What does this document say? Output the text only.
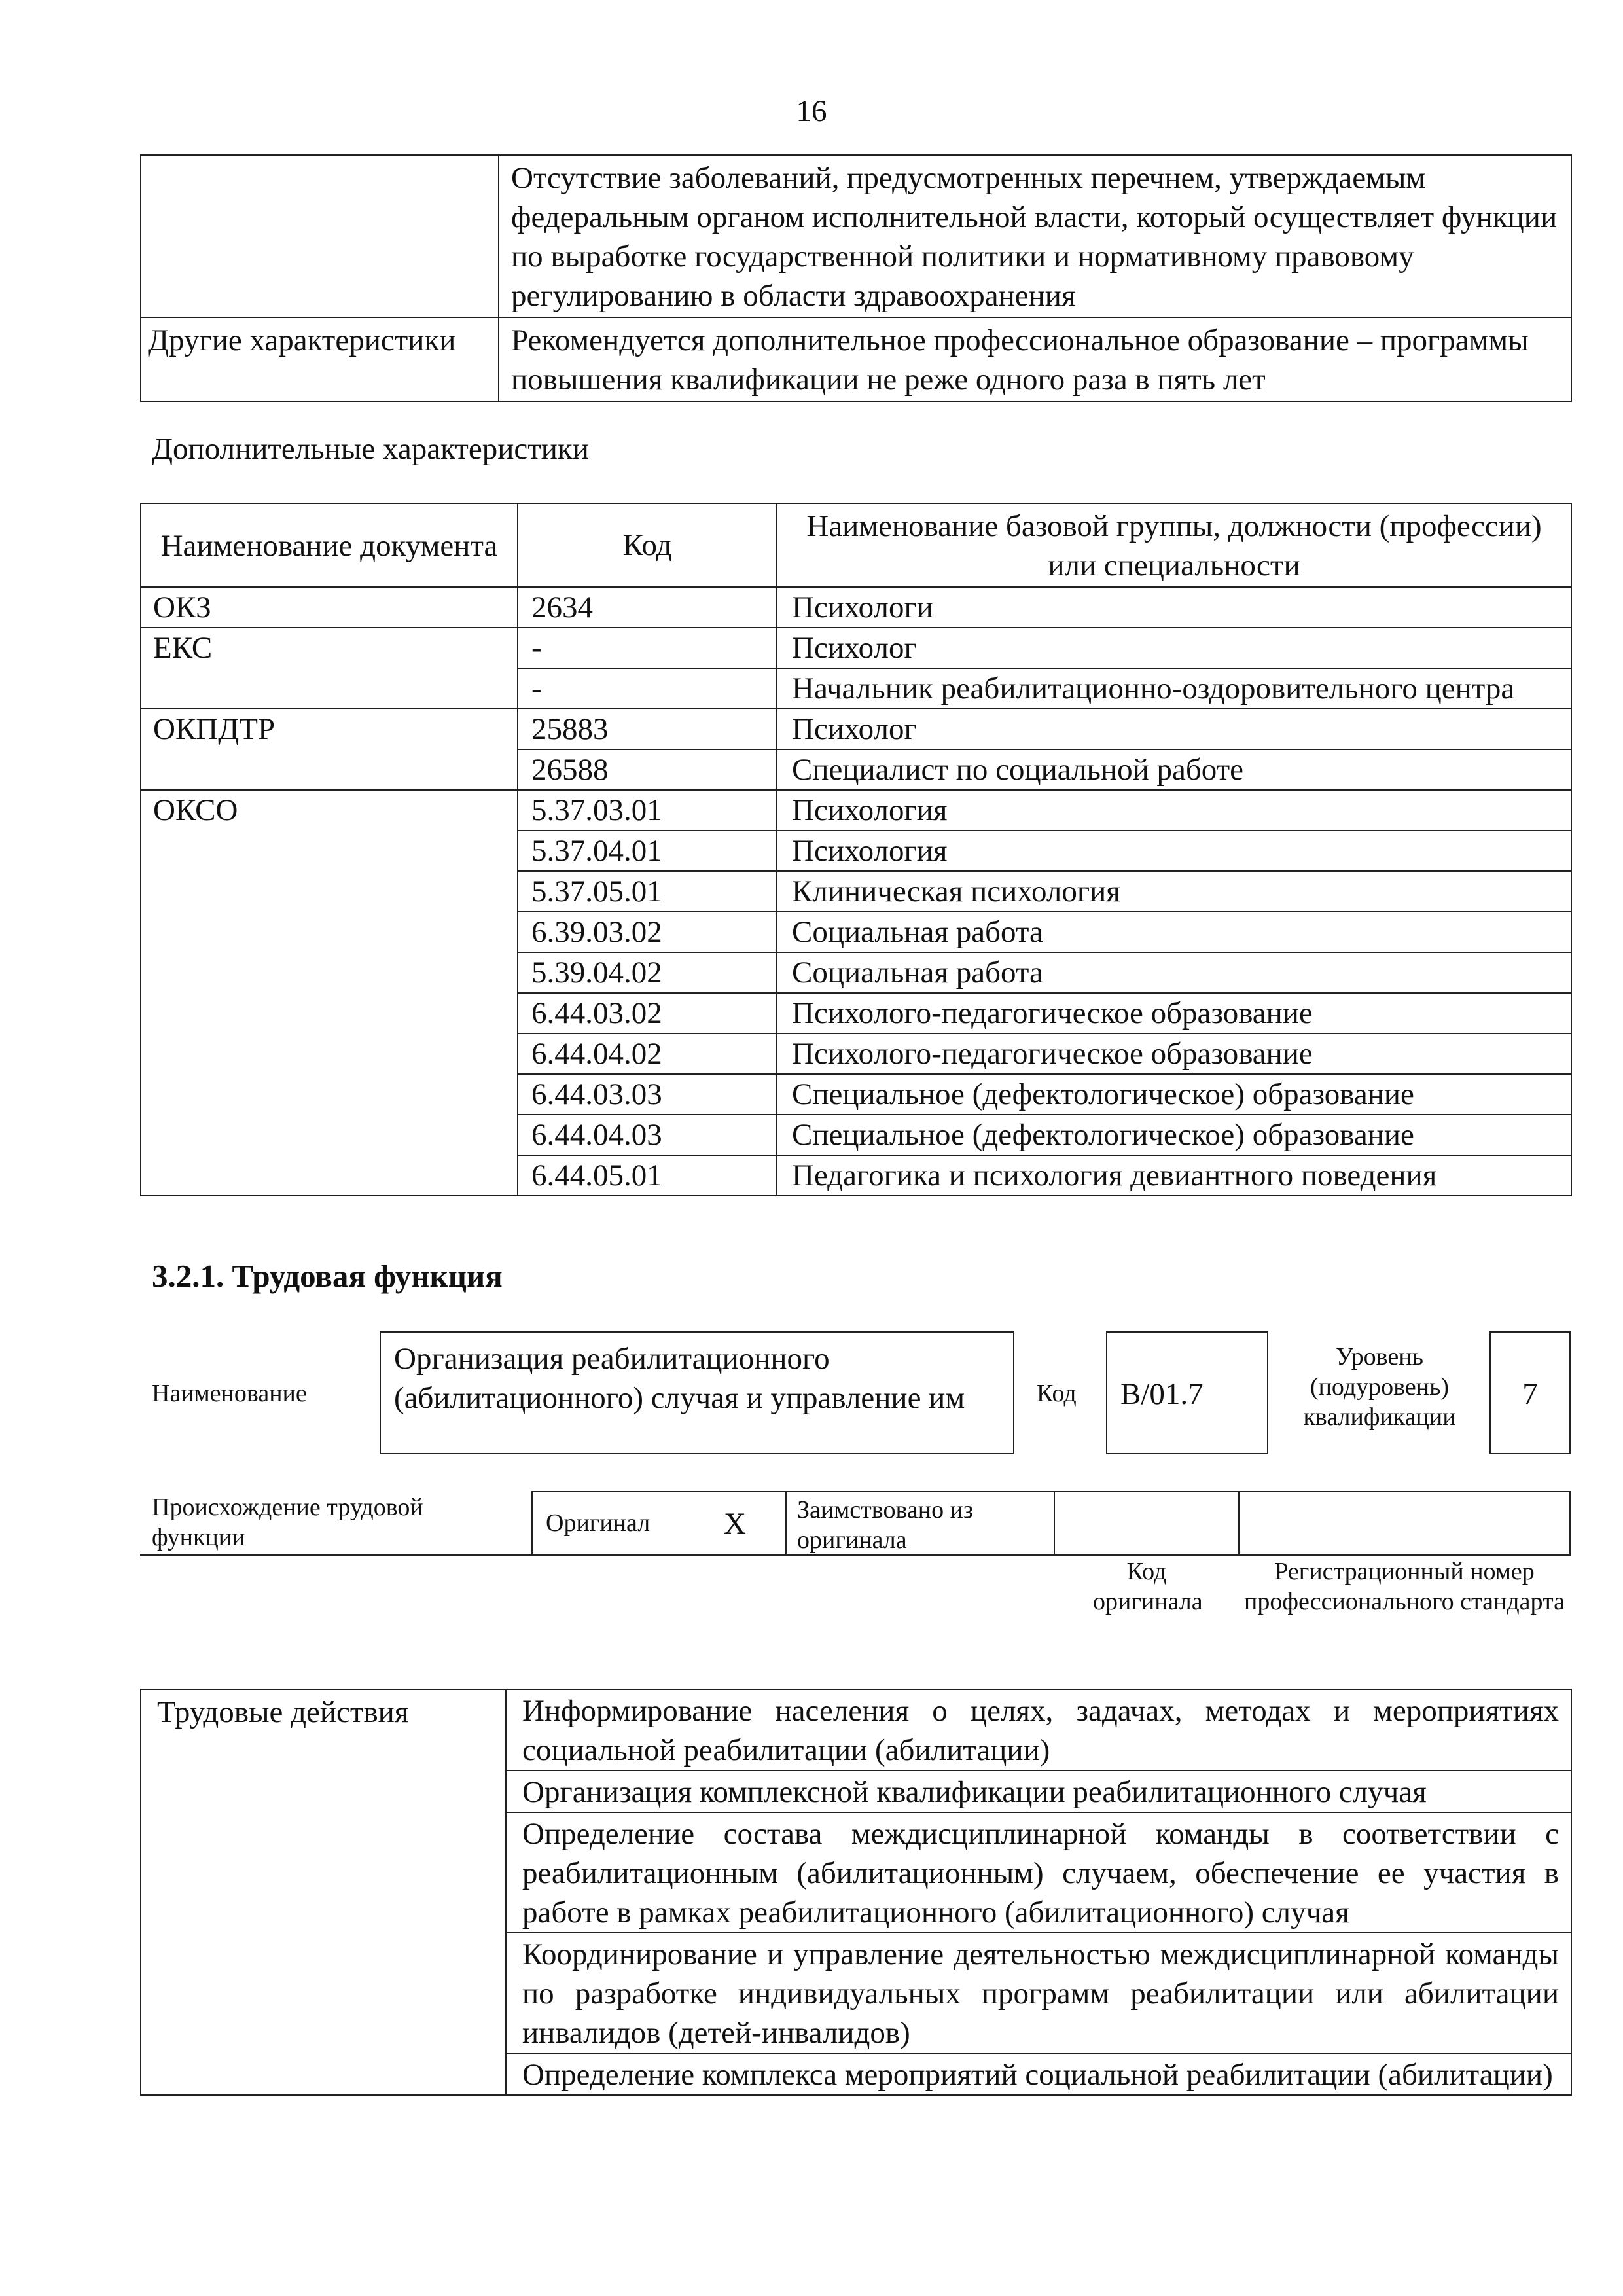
16
	Отсутствие заболеваний, предусмотренных перечнем, утверждаемым федеральным органом исполнительной власти, который осуществляет функции по выработке государственной политики и нормативному правовому регулированию в области здравоохранения
Другие характеристики	Рекомендуется дополнительное профессиональное образование – программы повышения квалификации не реже одного раза в пять лет
Дополнительные характеристики
Наименование документа	Код	Наименование базовой группы, должности (профессии) или специальности
ОКЗ	2634	Психологи
ЕКС	-	Психолог
	-	Начальник реабилитационно-оздоровительного центра
ОКПДТР	25883	Психолог
	26588	Специалист по социальной работе
ОКСО	5.37.03.01	Психология
	5.37.04.01	Психология
	5.37.05.01	Клиническая психология
	6.39.03.02	Социальная работа
	5.39.04.02	Социальная работа
	6.44.03.02	Психолого-педагогическое образование
	6.44.04.02	Психолого-педагогическое образование
	6.44.03.03	Специальное (дефектологическое) образование
	6.44.04.03	Специальное (дефектологическое) образование
	6.44.05.01	Педагогика и психология девиантного поведения
3.2.1. Трудовая функция
Наименование
Организация реабилитационного (абилитационного) случая и управление им	Код	B/01.7
Уровень (подуровень) квалификации
7
Происхождение трудовой функции
Оригинал X Заимствовано из оригинала
Код оригинала
Регистрационный номер профессионального стандарта
Трудовые действия	Информирование населения о целях, задачах, методах и мероприятиях социальной реабилитации (абилитации)
Организация комплексной квалификации реабилитационного случая
Определение состава междисциплинарной команды в соответствии с реабилитационным (абилитационным) случаем, обеспечение ее участия в работе в рамках реабилитационного (абилитационного) случая
Координирование и управление деятельностью междисциплинарной команды по разработке индивидуальных программ реабилитации или абилитации инвалидов (детей-инвалидов)
Определение комплекса мероприятий социальной реабилитации (абилитации)
